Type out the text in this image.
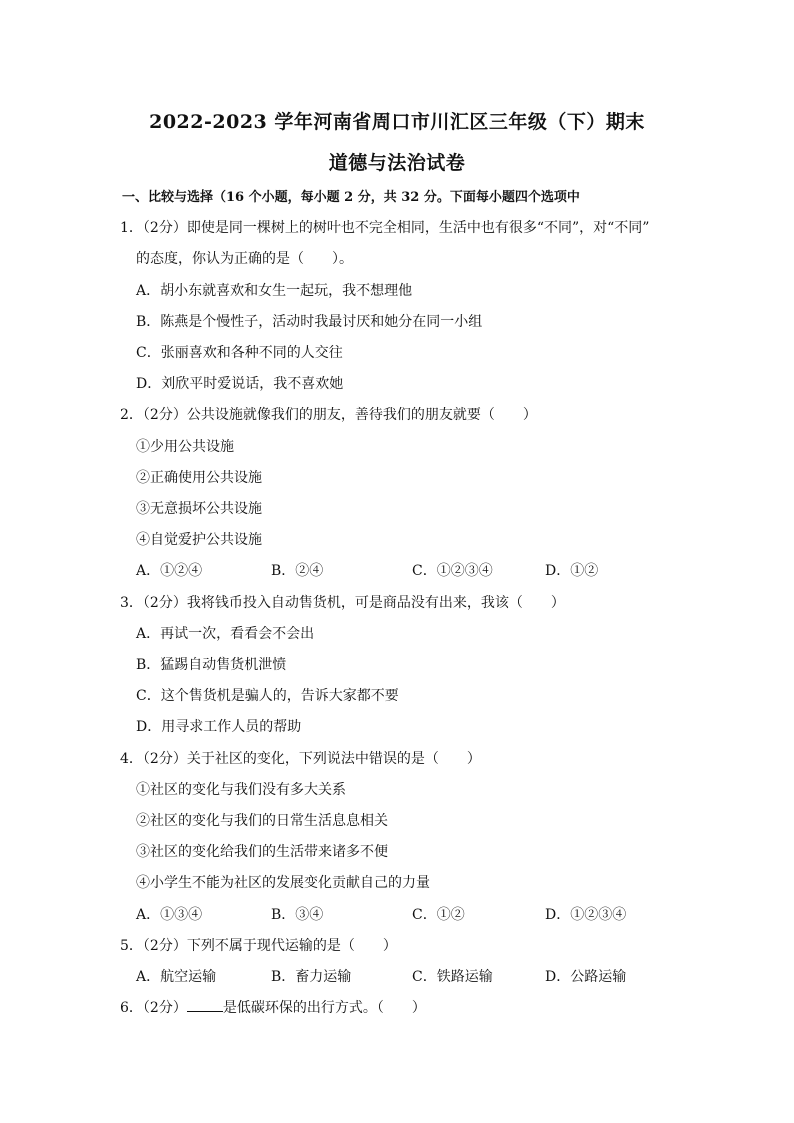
2022-2023 学年河南省周口市川汇区三年级（下）期末
道德与法治试卷
一、比较与选择（16 个小题，每小题 2 分，共 32 分。下面每小题四个选项中
1．（2分）即使是同一棵树上的树叶也不完全相同，生活中也有很多“不同”，对“不同”
的态度，你认为正确的是（　　）。
A．胡小东就喜欢和女生一起玩，我不想理他
B．陈燕是个慢性子，活动时我最讨厌和她分在同一小组
C．张丽喜欢和各种不同的人交往
D．刘欣平时爱说话，我不喜欢她
2．（2分）公共设施就像我们的朋友，善待我们的朋友就要（　　）
①少用公共设施
②正确使用公共设施
③无意损坏公共设施
④自觉爱护公共设施
A．①②④	B．②④	C．①②③④	D．①②
3．（2分）我将钱币投入自动售货机，可是商品没有出来，我该（　　）
A．再试一次，看看会不会出
B．猛踢自动售货机泄愤
C．这个售货机是骗人的，告诉大家都不要
D．用寻求工作人员的帮助
4．（2分）关于社区的变化，下列说法中错误的是（　　）
①社区的变化与我们没有多大关系
②社区的变化与我们的日常生活息息相关
③社区的变化给我们的生活带来诸多不便
④小学生不能为社区的发展变化贡献自己的力量
A．①③④	B．③④	C．①②	D．①②③④
5．（2分）下列不属于现代运输的是（　　）
A．航空运输	B．畜力运输	C．铁路运输	D．公路运输
6．（2分）	是低碳环保的出行方式。（　　）
